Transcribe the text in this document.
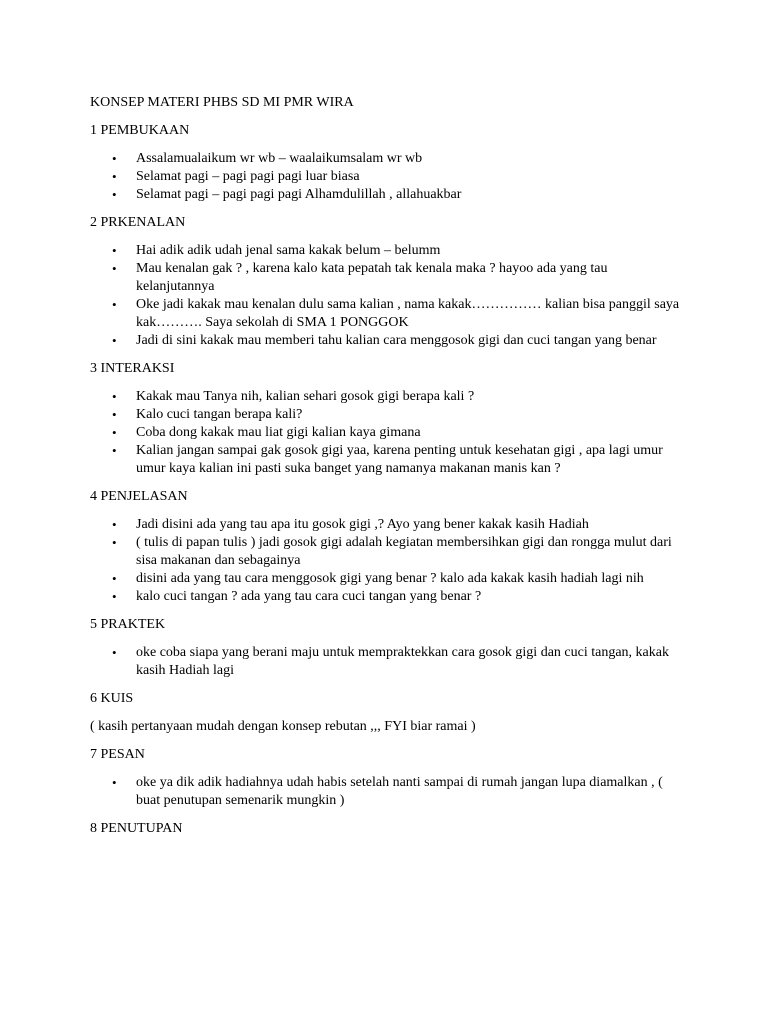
KONSEP MATERI PHBS SD MI PMR WIRA
1 PEMBUKAAN
• Assalamualaikum wr wb – waalaikumsalam wr wb
• Selamat pagi – pagi pagi pagi luar biasa
• Selamat pagi – pagi pagi pagi Alhamdulillah , allahuakbar
2 PRKENALAN
• Hai adik adik udah jenal sama kakak belum – belumm
• Mau kenalan gak ? , karena kalo kata pepatah tak kenala maka ? hayoo ada yang tau kelanjutannya
• Oke jadi kakak mau kenalan dulu sama kalian , nama kakak…………… kalian bisa panggil saya kak………. Saya sekolah di SMA 1 PONGGOK
• Jadi di sini kakak mau memberi tahu kalian cara menggosok gigi dan cuci tangan yang benar
3 INTERAKSI
• Kakak mau Tanya nih, kalian sehari gosok gigi berapa kali ?
• Kalo cuci tangan berapa kali?
• Coba dong kakak mau liat gigi kalian kaya gimana
• Kalian jangan sampai gak gosok gigi yaa, karena penting untuk kesehatan gigi , apa lagi umur umur kaya kalian ini pasti suka banget yang namanya makanan manis kan ?
4 PENJELASAN
• Jadi disini ada yang tau apa itu gosok gigi ,? Ayo yang bener kakak kasih Hadiah
• ( tulis di papan tulis ) jadi gosok gigi adalah kegiatan membersihkan gigi dan rongga mulut dari sisa makanan dan sebagainya
• disini ada yang tau cara menggosok gigi yang benar ? kalo ada kakak kasih hadiah lagi nih
• kalo cuci tangan ? ada yang tau cara cuci tangan yang benar ?
5 PRAKTEK
• oke coba siapa yang berani maju untuk mempraktekkan cara gosok gigi dan cuci tangan, kakak kasih Hadiah lagi
6 KUIS
( kasih pertanyaan mudah dengan konsep rebutan ,,, FYI biar ramai )
7 PESAN
• oke ya dik adik hadiahnya udah habis setelah nanti sampai di rumah jangan lupa diamalkan , ( buat penutupan semenarik mungkin )
8 PENUTUPAN
